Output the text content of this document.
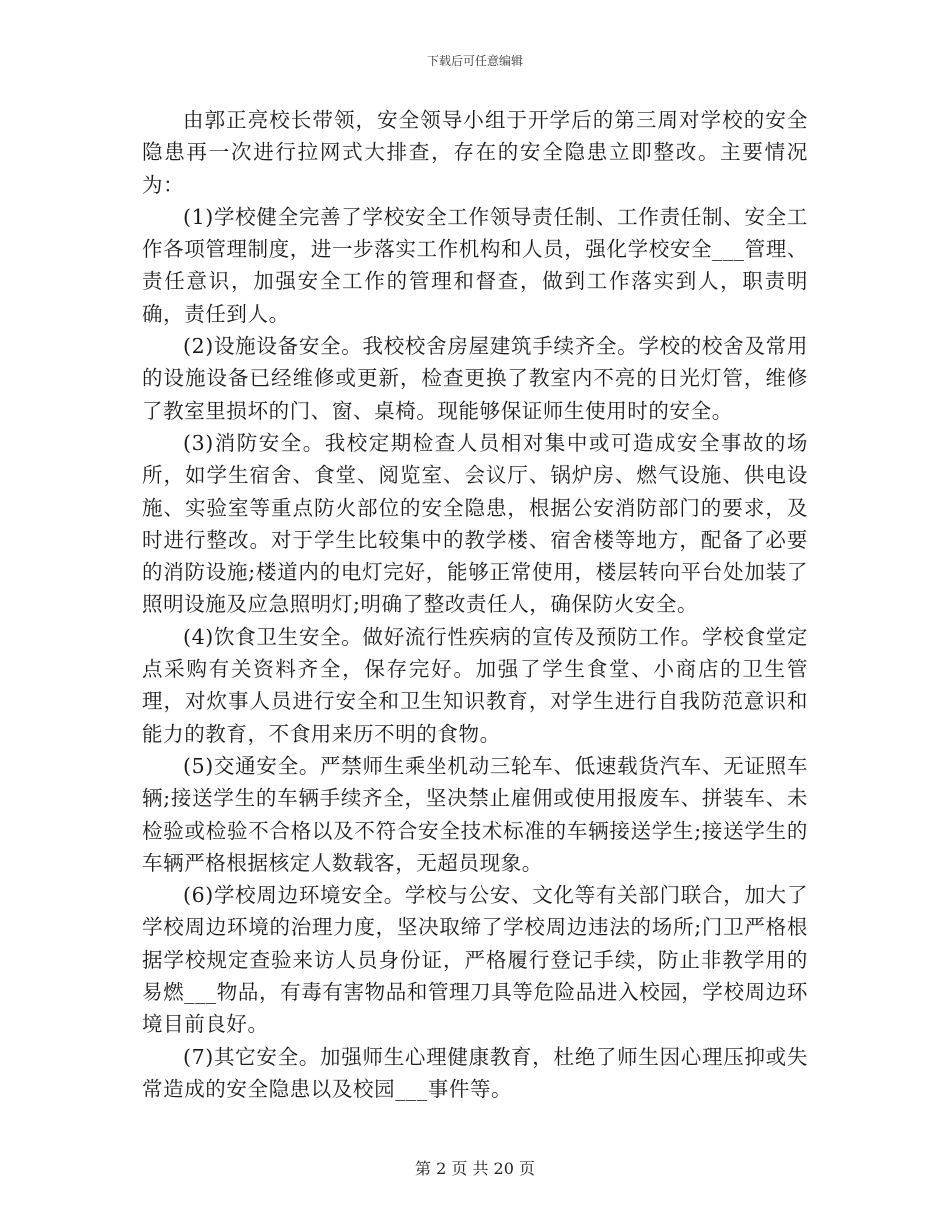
下载后可任意编辑

由郭正亮校长带领，安全领导小组于开学后的第三周对学校的安全隐患再一次进行拉网式大排查，存在的安全隐患立即整改。主要情况为：

(1)学校健全完善了学校安全工作领导责任制、工作责任制、安全工作各项管理制度，进一步落实工作机构和人员，强化学校安全___管理、责任意识，加强安全工作的管理和督查，做到工作落实到人，职责明确，责任到人。

(2)设施设备安全。我校校舍房屋建筑手续齐全。学校的校舍及常用的设施设备已经维修或更新，检查更换了教室内不亮的日光灯管，维修了教室里损坏的门、窗、桌椅。现能够保证师生使用时的安全。

(3)消防安全。我校定期检查人员相对集中或可造成安全事故的场所，如学生宿舍、食堂、阅览室、会议厅、锅炉房、燃气设施、供电设施、实验室等重点防火部位的安全隐患，根据公安消防部门的要求，及时进行整改。对于学生比较集中的教学楼、宿舍楼等地方，配备了必要的消防设施;楼道内的电灯完好，能够正常使用，楼层转向平台处加装了照明设施及应急照明灯;明确了整改责任人，确保防火安全。

(4)饮食卫生安全。做好流行性疾病的宣传及预防工作。学校食堂定点采购有关资料齐全，保存完好。加强了学生食堂、小商店的卫生管理，对炊事人员进行安全和卫生知识教育，对学生进行自我防范意识和能力的教育，不食用来历不明的食物。

(5)交通安全。严禁师生乘坐机动三轮车、低速载货汽车、无证照车辆;接送学生的车辆手续齐全，坚决禁止雇佣或使用报废车、拼装车、未检验或检验不合格以及不符合安全技术标准的车辆接送学生;接送学生的车辆严格根据核定人数载客，无超员现象。

(6)学校周边环境安全。学校与公安、文化等有关部门联合，加大了学校周边环境的治理力度，坚决取缔了学校周边违法的场所;门卫严格根据学校规定查验来访人员身份证，严格履行登记手续，防止非教学用的易燃___物品，有毒有害物品和管理刀具等危险品进入校园，学校周边环境目前良好。

(7)其它安全。加强师生心理健康教育，杜绝了师生因心理压抑或失常造成的安全隐患以及校园___事件等。

第 2 页 共 20 页
